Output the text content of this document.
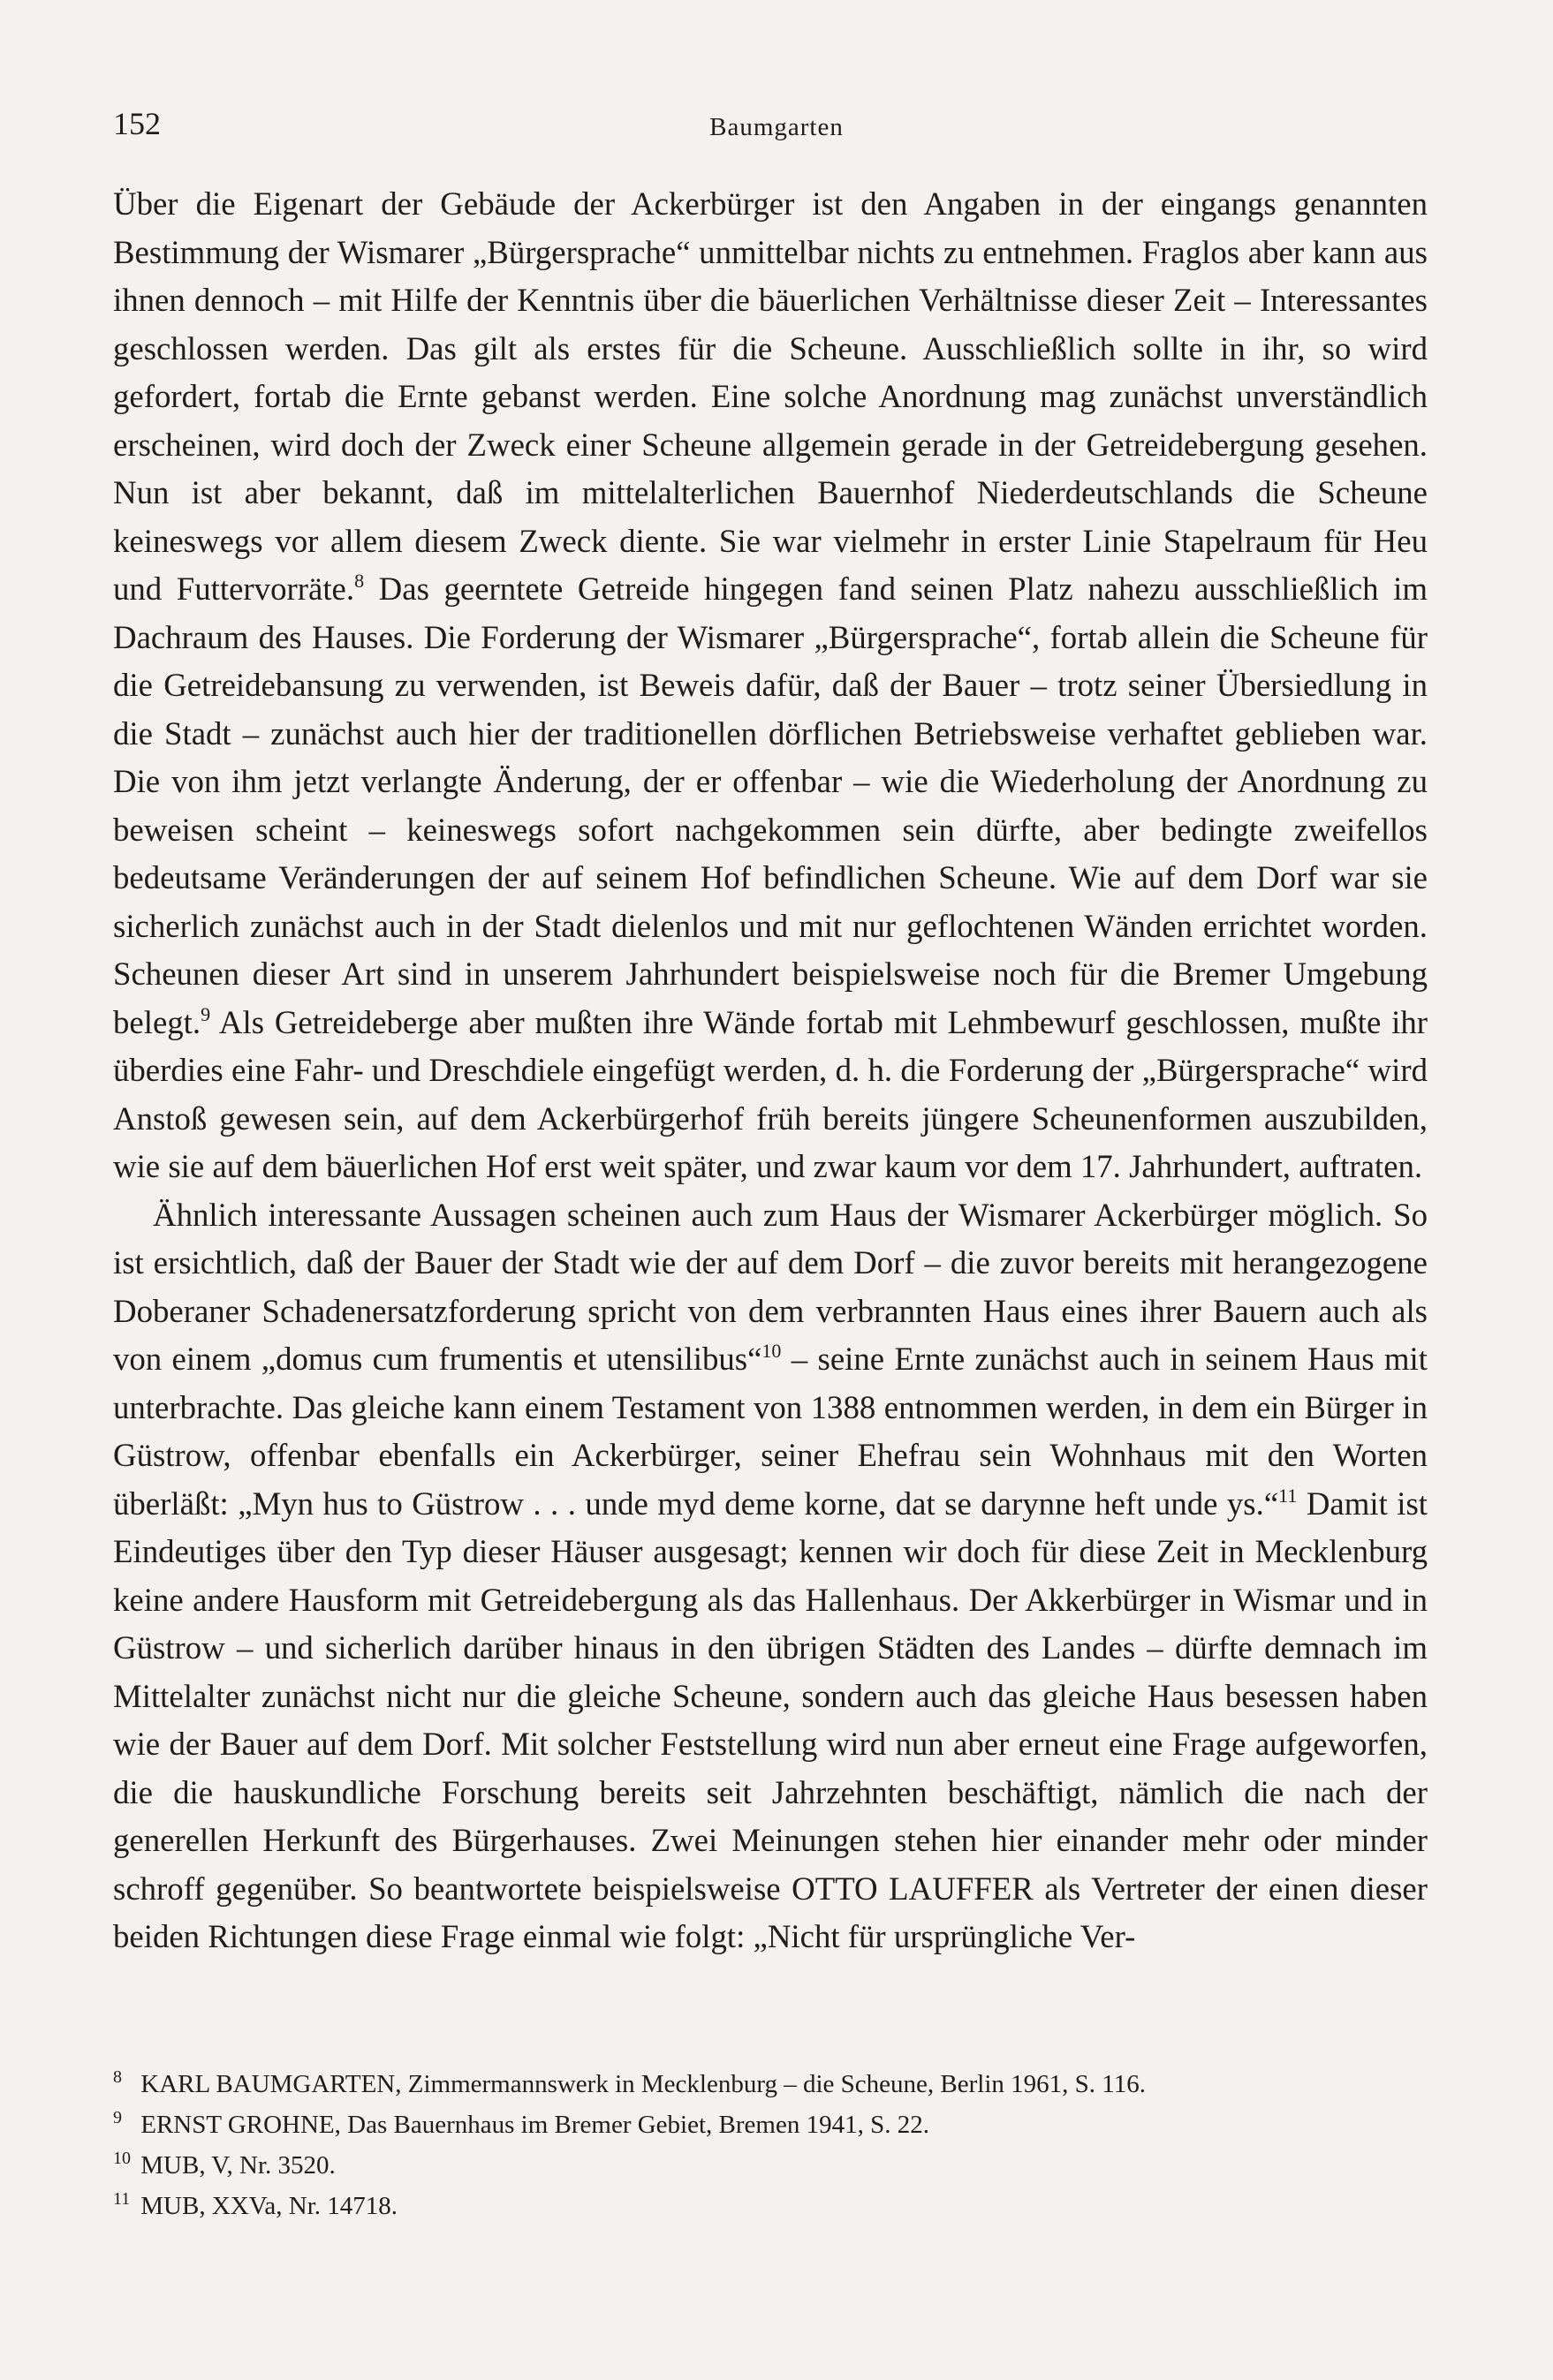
152	Baumgarten

Über die Eigenart der Gebäude der Ackerbürger ist den Angaben in der eingangs genannten Bestimmung der Wismarer „Bürgersprache“ unmittelbar nichts zu entnehmen. Fraglos aber kann aus ihnen dennoch – mit Hilfe der Kenntnis über die bäuerlichen Verhältnisse dieser Zeit – Interessantes geschlossen werden. Das gilt als erstes für die Scheune. Ausschließlich sollte in ihr, so wird gefordert, fortab die Ernte gebanst werden. Eine solche Anordnung mag zunächst unverständlich erscheinen, wird doch der Zweck einer Scheune allgemein gerade in der Getreidebergung gesehen. Nun ist aber bekannt, daß im mittelalterlichen Bauernhof Niederdeutschlands die Scheune keineswegs vor allem diesem Zweck diente. Sie war vielmehr in erster Linie Stapelraum für Heu und Futtervorräte.$^8$ Das geerntete Getreide hingegen fand seinen Platz nahezu ausschließlich im Dachraum des Hauses. Die Forderung der Wismarer „Bürgersprache“, fortab allein die Scheune für die Getreidebansung zu verwenden, ist Beweis dafür, daß der Bauer – trotz seiner Übersiedlung in die Stadt – zunächst auch hier der traditionellen dörflichen Betriebsweise verhaftet geblieben war. Die von ihm jetzt verlangte Änderung, der er offenbar – wie die Wiederholung der Anordnung zu beweisen scheint – keineswegs sofort nachgekommen sein dürfte, aber bedingte zweifellos bedeutsame Veränderungen der auf seinem Hof befindlichen Scheune. Wie auf dem Dorf war sie sicherlich zunächst auch in der Stadt dielenlos und mit nur geflochtenen Wänden errichtet worden. Scheunen dieser Art sind in unserem Jahrhundert beispielsweise noch für die Bremer Umgebung belegt.$^9$ Als Getreideberge aber mußten ihre Wände fortab mit Lehmbewurf geschlossen, mußte ihr überdies eine Fahr- und Dreschdiele eingefügt werden, d. h. die Forderung der „Bürgersprache“ wird Anstoß gewesen sein, auf dem Ackerbürgerhof früh bereits jüngere Scheunenformen auszubilden, wie sie auf dem bäuerlichen Hof erst weit später, und zwar kaum vor dem 17. Jahrhundert, auftraten.

Ähnlich interessante Aussagen scheinen auch zum Haus der Wismarer Ackerbürger möglich. So ist ersichtlich, daß der Bauer der Stadt wie der auf dem Dorf – die zuvor bereits mit herangezogene Doberaner Schadenersatzforderung spricht von dem verbrannten Haus eines ihrer Bauern auch als von einem „domus cum frumentis et utensilibus“$^{10}$ – seine Ernte zunächst auch in seinem Haus mit unterbrachte. Das gleiche kann einem Testament von 1388 entnommen werden, in dem ein Bürger in Güstrow, offenbar ebenfalls ein Ackerbürger, seiner Ehefrau sein Wohnhaus mit den Worten überläßt: „Myn hus to Güstrow . . . unde myd deme korne, dat se darynne heft unde ys.“$^{11}$ Damit ist Eindeutiges über den Typ dieser Häuser ausgesagt; kennen wir doch für diese Zeit in Mecklenburg keine andere Hausform mit Getreidebergung als das Hallenhaus. Der Akkerbürger in Wismar und in Güstrow – und sicherlich darüber hinaus in den übrigen Städten des Landes – dürfte demnach im Mittelalter zunächst nicht nur die gleiche Scheune, sondern auch das gleiche Haus besessen haben wie der Bauer auf dem Dorf. Mit solcher Feststellung wird nun aber erneut eine Frage aufgeworfen, die die hauskundliche Forschung bereits seit Jahrzehnten beschäftigt, nämlich die nach der generellen Herkunft des Bürgerhauses. Zwei Meinungen stehen hier einander mehr oder minder schroff gegenüber. So beantwortete beispielsweise OTTO LAUFFER als Vertreter der einen dieser beiden Richtungen diese Frage einmal wie folgt: „Nicht für ursprüngliche Ver-

8 KARL BAUMGARTEN, Zimmermannswerk in Mecklenburg – die Scheune, Berlin 1961, S. 116.
9 ERNST GROHNE, Das Bauernhaus im Bremer Gebiet, Bremen 1941, S. 22.
10 MUB, V, Nr. 3520.
11 MUB, XXVa, Nr. 14718.
